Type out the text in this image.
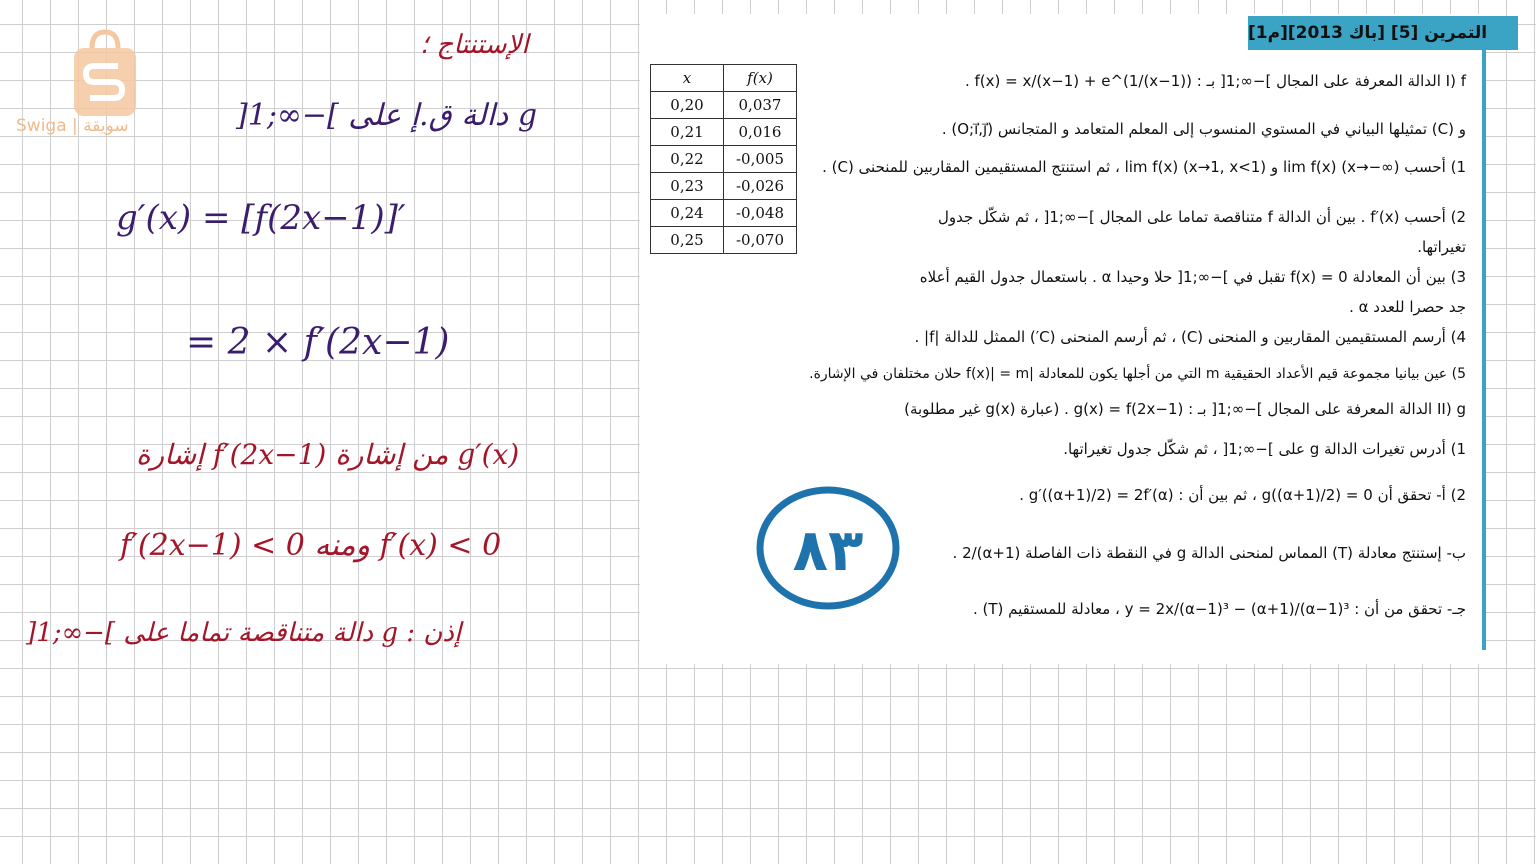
Swiga | سويقة
التمرين [5] [باك 2013][م1]
I) f الدالة المعرفة على المجال ]−∞;1[ بـ : f(x) = x/(x−1) + e^(1/(x−1)) .
و (C) تمثيلها البياني في المستوي المنسوب إلى المعلم المتعامد و المتجانس (O;i⃗,j⃗) .
1) أحسب lim f(x) (x→−∞) و lim f(x) (x→1, x<1) ، ثم استنتج المستقيمين المقاربين للمنحنى (C) .
2) أحسب f′(x) . بين أن الدالة f متناقصة تماما على المجال ]−∞;1[ ، ثم شكّل جدول
تغيراتها.
3) بين أن المعادلة f(x) = 0 تقبل في ]−∞;1[ حلا وحيدا α . باستعمال جدول القيم أعلاه
جد حصرا للعدد α .
4) أرسم المستقيمين المقاربين و المنحنى (C) ، ثم أرسم المنحنى (C′) الممثل للدالة |f| .
5) عين بيانيا مجموعة قيم الأعداد الحقيقية m التي من أجلها يكون للمعادلة |f(x)| = m حلان مختلفان في الإشارة.
II) g الدالة المعرفة على المجال ]−∞;1[ بـ : g(x) = f(2x−1) . (عبارة g(x) غير مطلوبة)
1) أدرس تغيرات الدالة g على ]−∞;1[ ، ثم شكّل جدول تغيراتها.
2) أ- تحقق أن g((α+1)/2) = 0 ، ثم بين أن : g′((α+1)/2) = 2f′(α) .
ب- إستنتج معادلة (T) المماس لمنحنى الدالة g في النقطة ذات الفاصلة (α+1)/2 .
جـ- تحقق من أن : y = 2x/(α−1)³ − (α+1)/(α−1)³ ، معادلة للمستقيم (T) .
x	f(x)
0,20	0,037
0,21	0,016
0,22	-0,005
0,23	-0,026
0,24	-0,048
0,25	-0,070
الإستنتاج ؛
g دالة ق.إ على ]−∞;1[
g′(x) = [f(2x−1)]′
= 2 × f′(2x−1)
g′(x) من إشارة f′(2x−1) إشارة
f′(2x−1) < 0 ومنه f′(x) < 0
إذن : g دالة متناقصة تماما على ]−∞;1[
٨٣
